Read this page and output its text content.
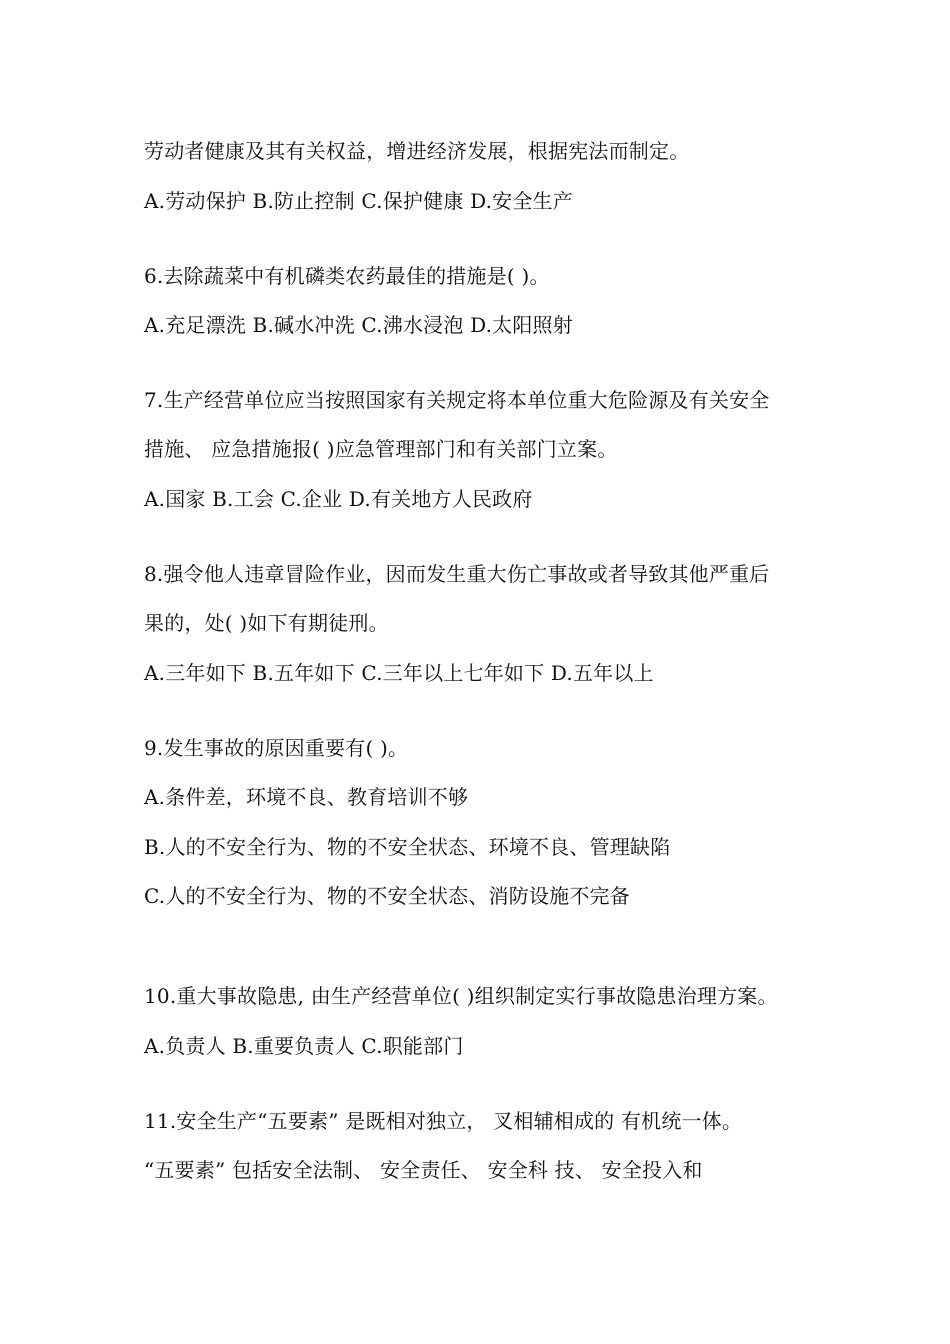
劳动者健康及其有关权益，增进经济发展，根据宪法而制定。
A.劳动保护 B.防止控制 C.保护健康 D.安全生产
6.去除蔬菜中有机磷类农药最佳的措施是( )。
A.充足漂洗 B.碱水冲洗 C.沸水浸泡 D.太阳照射
7.生产经营单位应当按照国家有关规定将本单位重大危险源及有关安全
措施、 应急措施报( )应急管理部门和有关部门立案。
A.国家 B.工会 C.企业 D.有关地方人民政府
8.强令他人违章冒险作业，因而发生重大伤亡事故或者导致其他严重后
果的，处( )如下有期徒刑。
A.三年如下 B.五年如下 C.三年以上七年如下 D.五年以上
9.发生事故的原因重要有( )。
A.条件差，环境不良、教育培训不够
B.人的不安全行为、物的不安全状态、环境不良、管理缺陷
C.人的不安全行为、物的不安全状态、消防设施不完备
10.重大事故隐患, 由生产经营单位( )组织制定实行事故隐患治理方案。
A.负责人 B.重要负责人 C.职能部门
11.安全生产“五要素” 是既相对独立， 叉相辅相成的 有机统一体。
“五要素” 包括安全法制、 安全责任、 安全科 技、 安全投入和
